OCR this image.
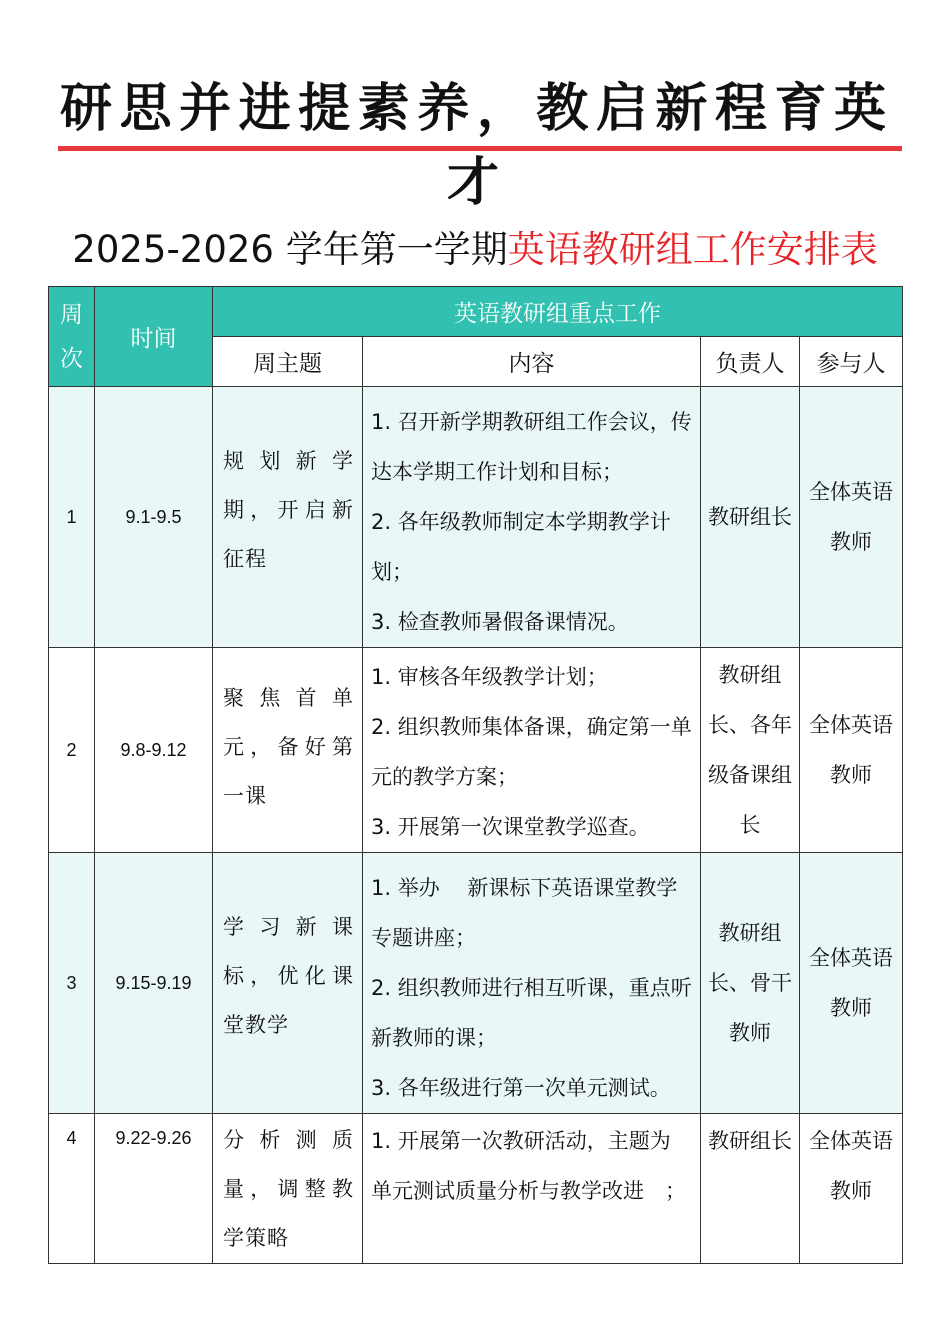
研思并进提素养，教启新程育英才
2025-2026 学年第一学期英语教研组工作安排表
周次	时间	英语教研组重点工作			
		周主题	内容	负责人	参与人
1	9.1-9.5	规划新学期，开启新征程	1. 召开新学期教研组工作会议，传达本学期工作计划和目标；
2. 各年级教师制定本学期教学计划；
3. 检查教师暑假备课情况。	教研组长	全体英语教师
2	9.8-9.12	聚焦首单元，备好第一课	1. 审核各年级教学计划；
2. 组织教师集体备课，确定第一单元的教学方案；
3. 开展第一次课堂教学巡查。	教研组长、各年级备课组长	全体英语教师
3	9.15-9.19	学习新课标，优化课堂教学	1. 举办　 新课标下英语课堂教学　专题讲座；
2. 组织教师进行相互听课，重点听新教师的课；
3. 各年级进行第一次单元测试。	教研组长、骨干教师	全体英语教师
4	9.22-9.26	分析测质量，调整教学策略	1. 开展第一次教研活动，主题为　单元测试质量分析与教学改进　；	教研组长	全体英语教师
